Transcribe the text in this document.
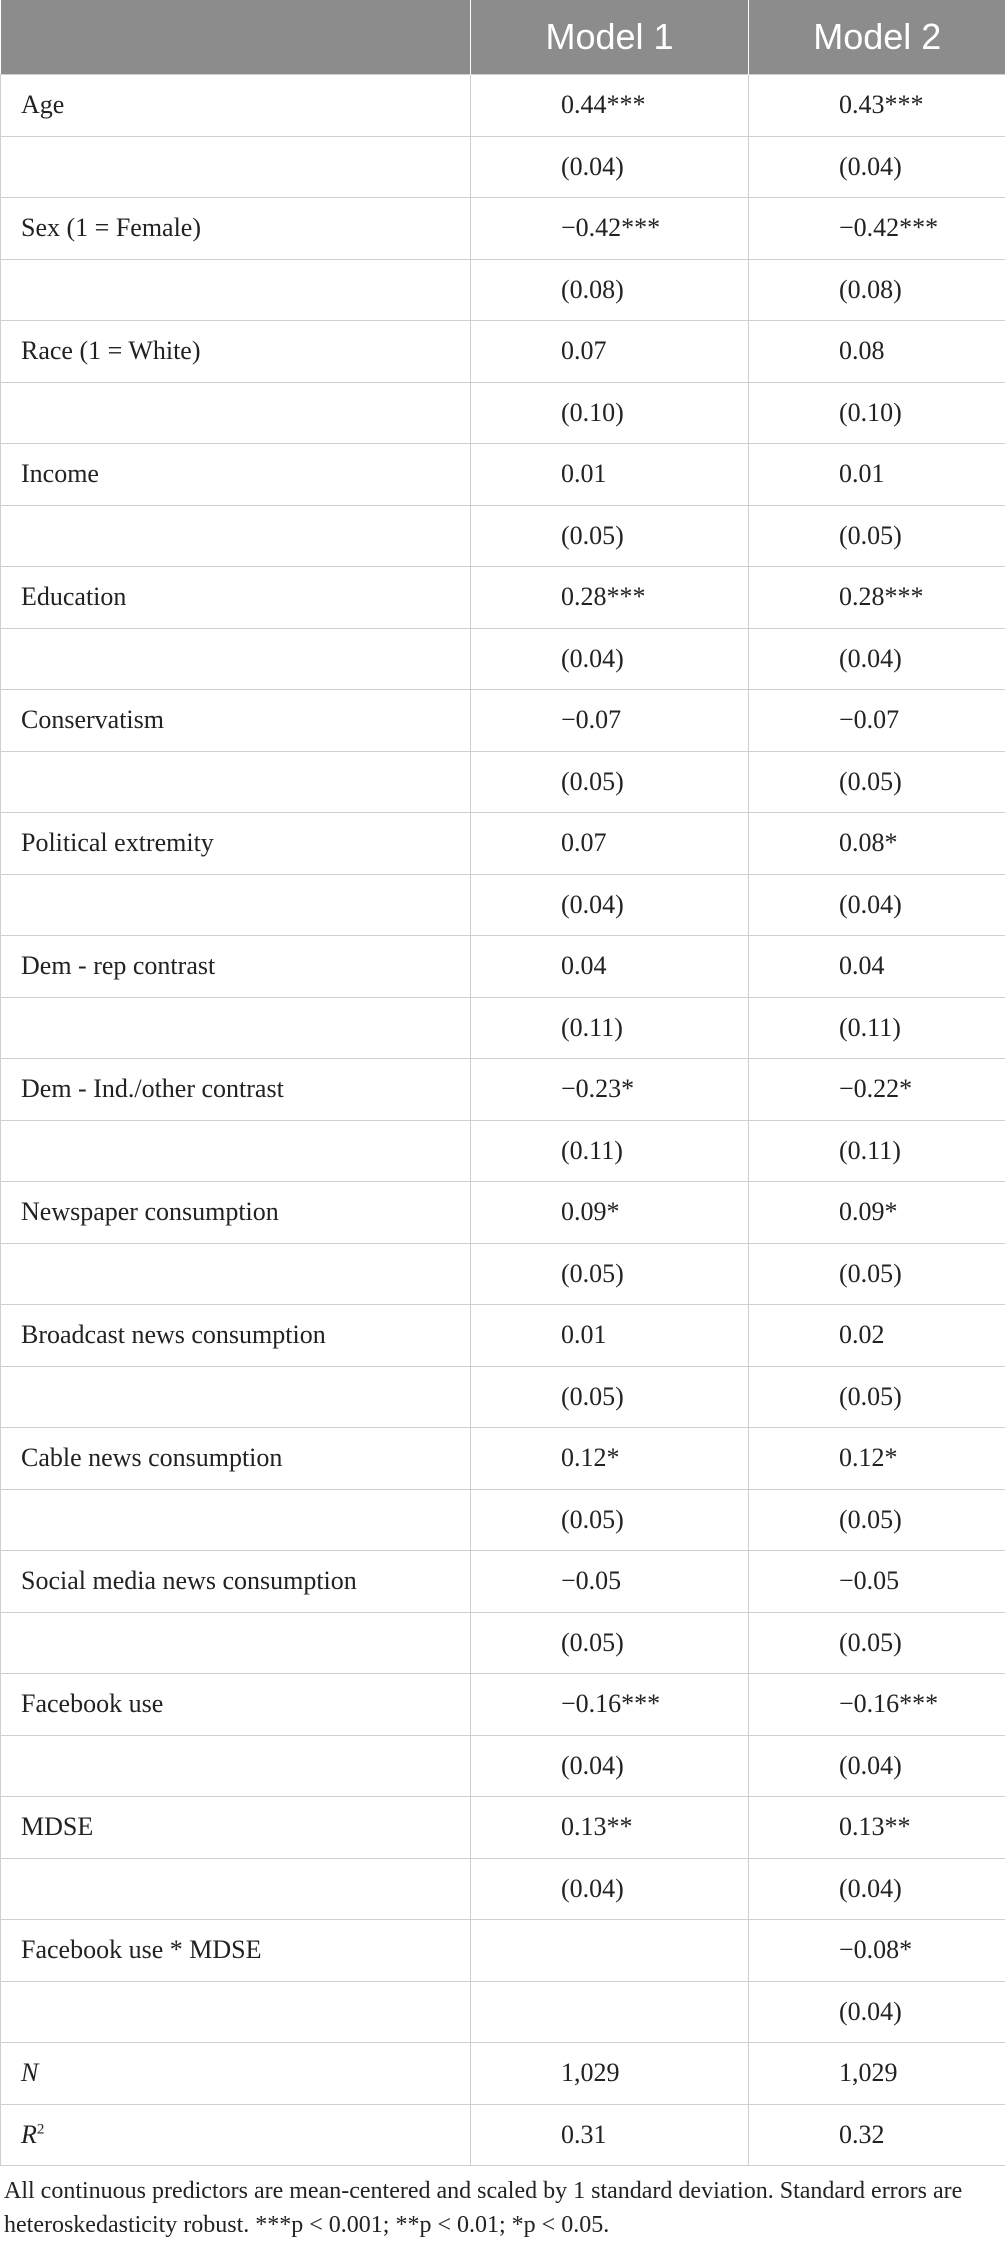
	Model 1	Model 2
Age	0.44***	0.43***
	(0.04)	(0.04)
Sex (1 = Female)	−0.42***	−0.42***
	(0.08)	(0.08)
Race (1 = White)	0.07	0.08
	(0.10)	(0.10)
Income	0.01	0.01
	(0.05)	(0.05)
Education	0.28***	0.28***
	(0.04)	(0.04)
Conservatism	−0.07	−0.07
	(0.05)	(0.05)
Political extremity	0.07	0.08*
	(0.04)	(0.04)
Dem - rep contrast	0.04	0.04
	(0.11)	(0.11)
Dem - Ind./other contrast	−0.23*	−0.22*
	(0.11)	(0.11)
Newspaper consumption	0.09*	0.09*
	(0.05)	(0.05)
Broadcast news consumption	0.01	0.02
	(0.05)	(0.05)
Cable news consumption	0.12*	0.12*
	(0.05)	(0.05)
Social media news consumption	−0.05	−0.05
	(0.05)	(0.05)
Facebook use	−0.16***	−0.16***
	(0.04)	(0.04)
MDSE	0.13**	0.13**
	(0.04)	(0.04)
Facebook use * MDSE		−0.08*
		(0.04)
N	1,029	1,029
$R^2$	0.31	0.32
All continuous predictors are mean-centered and scaled by 1 standard deviation. Standard errors are heteroskedasticity robust. ***p < 0.001; **p < 0.01; *p < 0.05.
